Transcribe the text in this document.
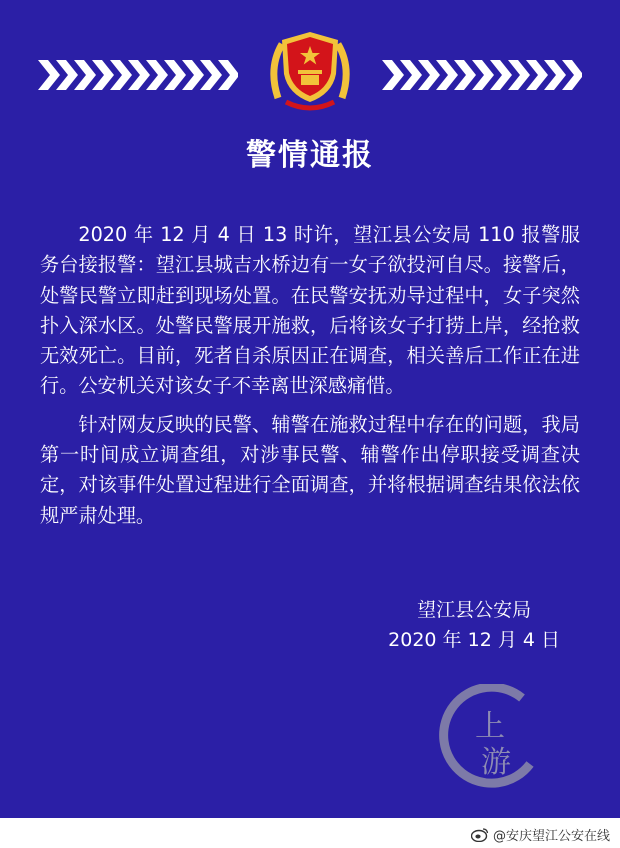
警情通报

2020 年 12 月 4 日 13 时许，望江县公安局 110 报警服务台接报警：望江县城吉水桥边有一女子欲投河自尽。接警后，处警民警立即赶到现场处置。在民警安抚劝导过程中，女子突然扑入深水区。处警民警展开施救，后将该女子打捞上岸，经抢救无效死亡。目前，死者自杀原因正在调查，相关善后工作正在进行。公安机关对该女子不幸离世深感痛惜。

针对网友反映的民警、辅警在施救过程中存在的问题，我局第一时间成立调查组，对涉事民警、辅警作出停职接受调查决定，对该事件处置过程进行全面调查，并将根据调查结果依法依规严肃处理。

望江县公安局
2020 年 12 月 4 日
上
游
@安庆望江公安在线
